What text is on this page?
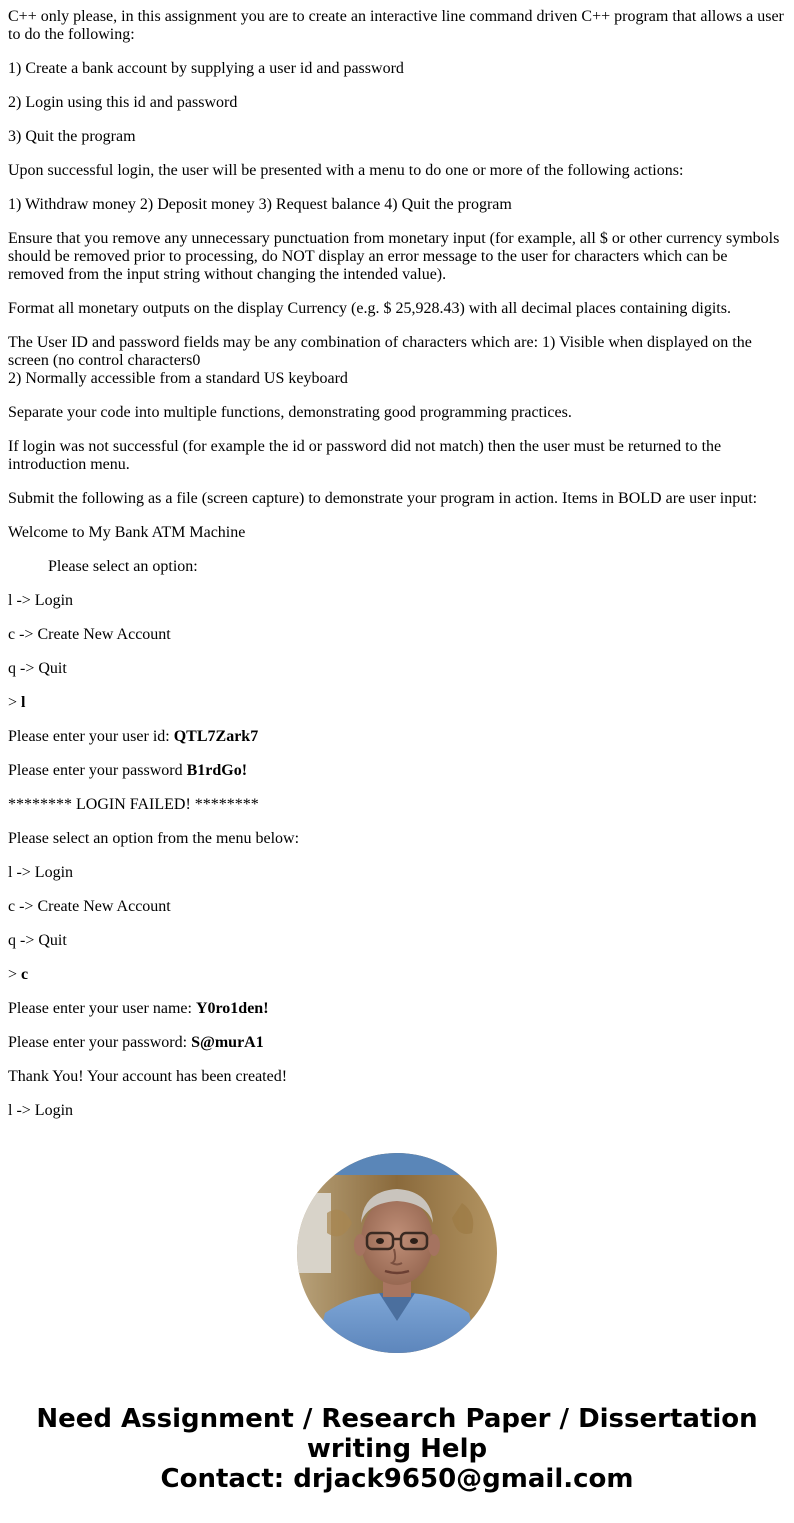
C++ only please, in this assignment you are to create an interactive line command driven C++ program that allows a user to do the following:

1) Create a bank account by supplying a user id and password

2) Login using this id and password

3) Quit the program

Upon successful login, the user will be presented with a menu to do one or more of the following actions:

1) Withdraw money 2) Deposit money 3) Request balance 4) Quit the program

Ensure that you remove any unnecessary punctuation from monetary input (for example, all $ or other currency symbols should be removed prior to processing, do NOT display an error message to the user for characters which can be removed from the input string without changing the intended value).

Format all monetary outputs on the display Currency (e.g. $ 25,928.43) with all decimal places containing digits.

The User ID and password fields may be any combination of characters which are: 1) Visible when displayed on the screen (no control characters0
2) Normally accessible from a standard US keyboard

Separate your code into multiple functions, demonstrating good programming practices.

If login was not successful (for example the id or password did not match) then the user must be returned to the introduction menu.

Submit the following as a file (screen capture) to demonstrate your program in action. Items in BOLD are user input:

Welcome to My Bank ATM Machine

Please select an option:

l -> Login

c -> Create New Account

q -> Quit

> l

Please enter your user id: QTL7Zark7

Please enter your password B1rdGo!

******** LOGIN FAILED! ********

Please select an option from the menu below:

l -> Login

c -> Create New Account

q -> Quit

> c

Please enter your user name: Y0ro1den!

Please enter your password: S@murA1

Thank You! Your account has been created!

l -> Login

Need Assignment / Research Paper / Dissertation
writing Help
Contact: drjack9650@gmail.com
